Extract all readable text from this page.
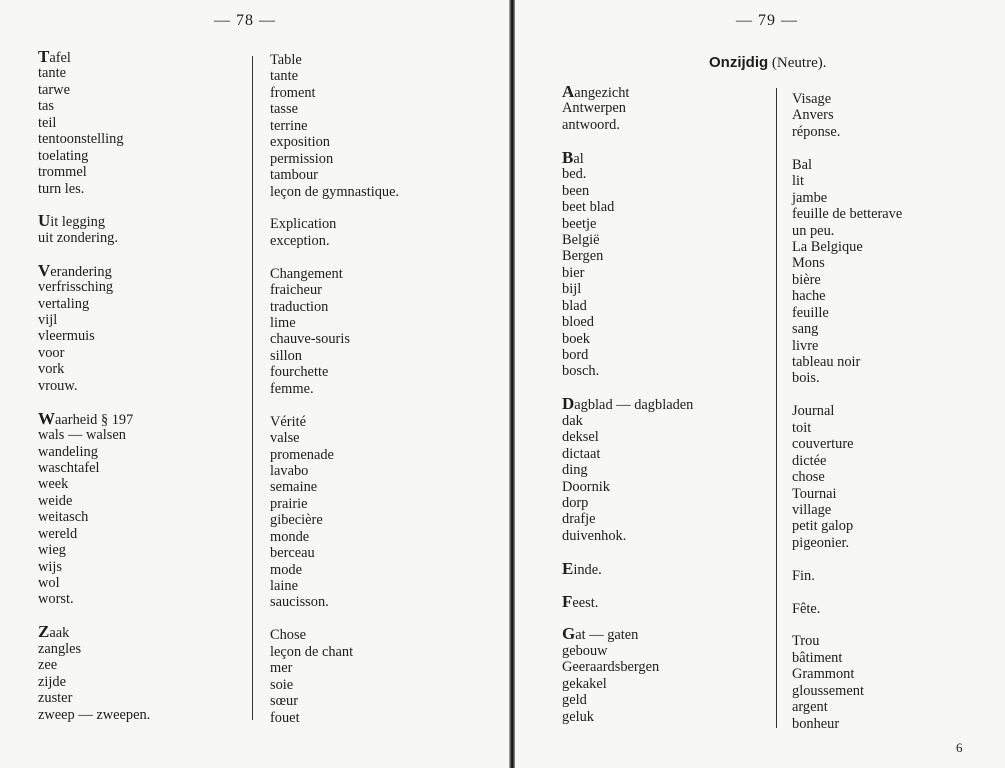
— 78 —
Tafel
tante
tarwe
tas
teil
tentoonstelling
toelating
trommel
turn les.
Uit legging
uit zondering.
Verandering
verfrissching
vertaling
vijl
vleermuis
voor
vork
vrouw.
Waarheid § 197
wals — walsen
wandeling
waschtafel
week
weide
weitasch
wereld
wieg
wijs
wol
worst.
Zaak
zangles
zee
zijde
zuster
zweep — zweepen.
Table
tante
froment
tasse
terrine
exposition
permission
tambour
leçon de gymnastique.
Explication
exception.
Changement
fraicheur
traduction
lime
chauve-souris
sillon
fourchette
femme.
Vérité
valse
promenade
lavabo
semaine
prairie
gibecière
monde
berceau
mode
laine
saucisson.
Chose
leçon de chant
mer
soie
sœur
fouet
— 79 —
Onzijdig (Neutre).
Aangezicht
Antwerpen
antwoord.
Bal
bed.
been
beet blad
beetje
België
Bergen
bier
bijl
blad
bloed
boek
bord
bosch.
Dagblad — dagbladen
dak
deksel
dictaat
ding
Doornik
dorp
drafje
duivenhok.
Einde.
Feest.
Gat — gaten
gebouw
Geeraardsbergen
gekakel
geld
geluk
Visage
Anvers
réponse.
Bal
lit
jambe
feuille de betterave
un peu.
La Belgique
Mons
bière
hache
feuille
sang
livre
tableau noir
bois.
Journal
toit
couverture
dictée
chose
Tournai
village
petit galop
pigeonier.
Fin.
Fête.
Trou
bâtiment
Grammont
gloussement
argent
bonheur
6
